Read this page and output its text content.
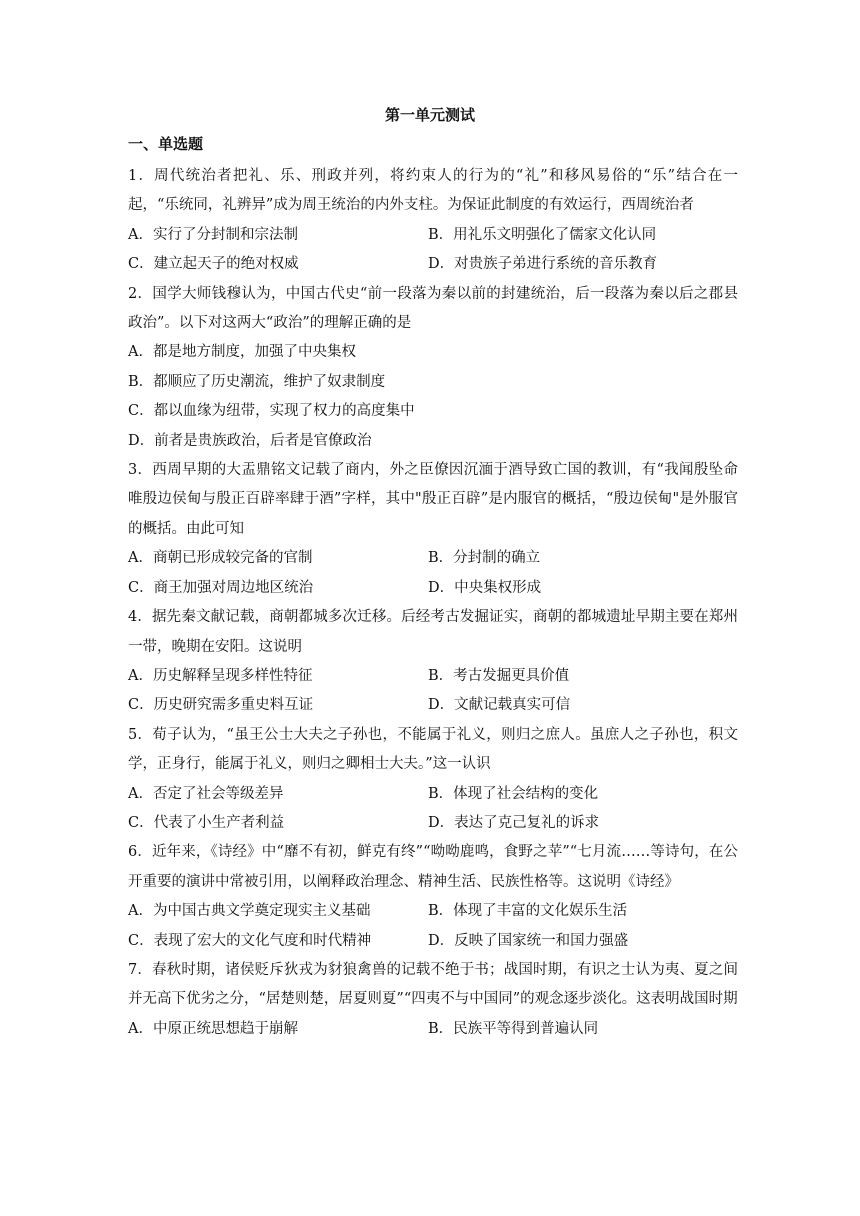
第一单元测试
一、单选题

1．周代统治者把礼、乐、刑政并列，将约束人的行为的“礼”和移风易俗的“乐”结合在一起，“乐统同，礼辨异”成为周王统治的内外支柱。为保证此制度的有效运行，西周统治者

A．实行了分封制和宗法制	B．用礼乐文明强化了儒家文化认同
C．建立起天子的绝对权威	D．对贵族子弟进行系统的音乐教育

2．国学大师钱穆认为，中国古代史“前一段落为秦以前的封建统治，后一段落为秦以后之郡县政治”。以下对这两大“政治”的理解正确的是

A．都是地方制度，加强了中央集权

B．都顺应了历史潮流，维护了奴隶制度

C．都以血缘为纽带，实现了权力的高度集中

D．前者是贵族政治，后者是官僚政治

3．西周早期的大盂鼎铭文记载了商内，外之臣僚因沉湎于酒导致亡国的教训，有“我闻殷坠命唯殷边侯甸与殷正百辟率肆于酒”字样，其中"殷正百辟”是内服官的概括，“殷边侯甸"是外服官的概括。由此可知

A．商朝已形成较完备的官制	B．分封制的确立
C．商王加强对周边地区统治	D．中央集权形成

4．据先秦文献记载，商朝都城多次迁移。后经考古发掘证实，商朝的都城遗址早期主要在郑州一带，晚期在安阳。这说明

A．历史解释呈现多样性特征	B．考古发掘更具价值
C．历史研究需多重史料互证	D．文献记载真实可信

5．荀子认为，“虽王公士大夫之子孙也，不能属于礼义，则归之庶人。虽庶人之子孙也，积文学，正身行，能属于礼义，则归之卿相士大夫。”这一认识

A．否定了社会等级差异	B．体现了社会结构的变化
C．代表了小生产者利益	D．表达了克己复礼的诉求

6．近年来，《诗经》中“靡不有初，鲜克有终”“呦呦鹿鸣，食野之苹”“七月流……等诗句，在公开重要的演讲中常被引用，以阐释政治理念、精神生活、民族性格等。这说明《诗经》

A．为中国古典文学奠定现实主义基础	B．体现了丰富的文化娱乐生活
C．表现了宏大的文化气度和时代精神	D．反映了国家统一和国力强盛

7．春秋时期，诸侯贬斥狄戎为豺狼禽兽的记载不绝于书；战国时期，有识之士认为夷、夏之间并无高下优劣之分，“居楚则楚，居夏则夏”“四夷不与中国同”的观念逐步淡化。这表明战国时期

A．中原正统思想趋于崩解	B．民族平等得到普遍认同
